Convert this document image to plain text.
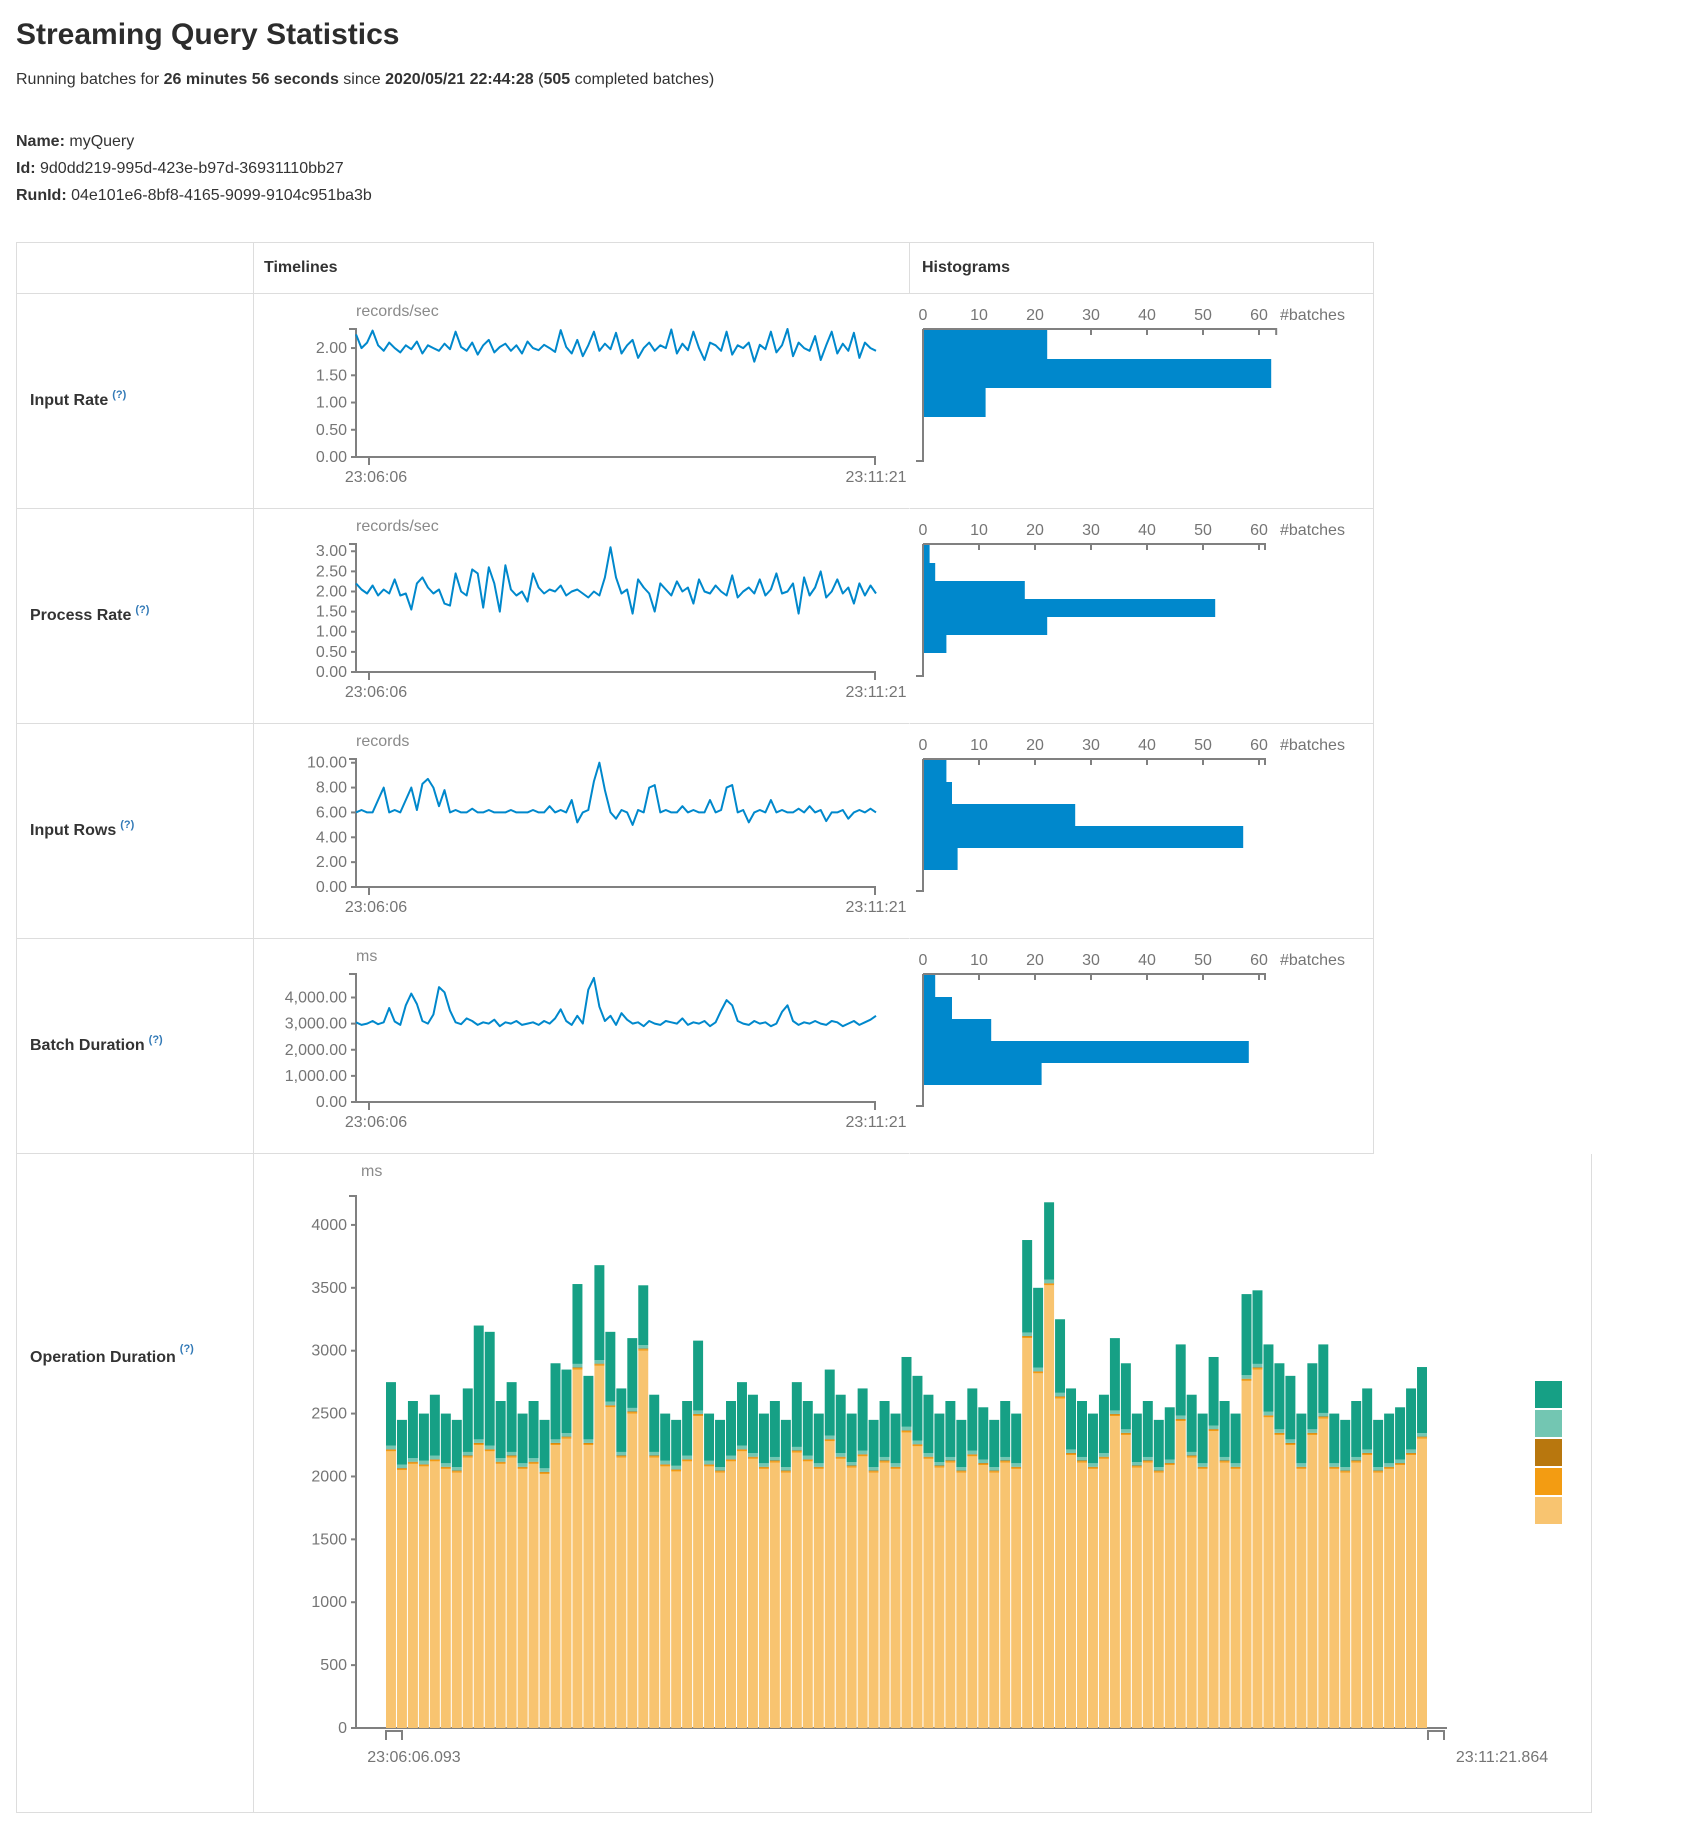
Streaming Query Statistics

Running batches for 26 minutes 56 seconds since 2020/05/21 22:44:28 (505 completed batches)

Name: myQuery

Id: 9d0dd219-995d-423e-b97d-36931110bb27

RunId: 04e101e6-8bf8-4165-9099-9104c951ba3b

Timelines	Histograms
Input Rate (?)
records/sec
2.00
1.50
1.00
0.50
0.00
23:06:06	23:11:21
0	10 20 30 40 50 60 #batches
Process Rate (?)
records/sec
3.00
2.50
2.00
1.50
1.00
0.50
0.00
23:06:06	23:11:21
0	10 20 30 40 50 60 #batches
Input Rows (?)
records
10.00
8.00
6.00
4.00
2.00
0.00
23:06:06	23:11:21
0	10 20 30 40 50 60 #batches
Batch Duration (?)
ms
4,000.00
3,000.00
2,000.00
1,000.00
0.00
23:06:06	23:11:21
0	10 20 30 40 50 60 #batches
Operation Duration (?)
ms
4000
3500
3000
2500
2000
1500
1000
500
0
23:06:06.093	23:11:21.864
